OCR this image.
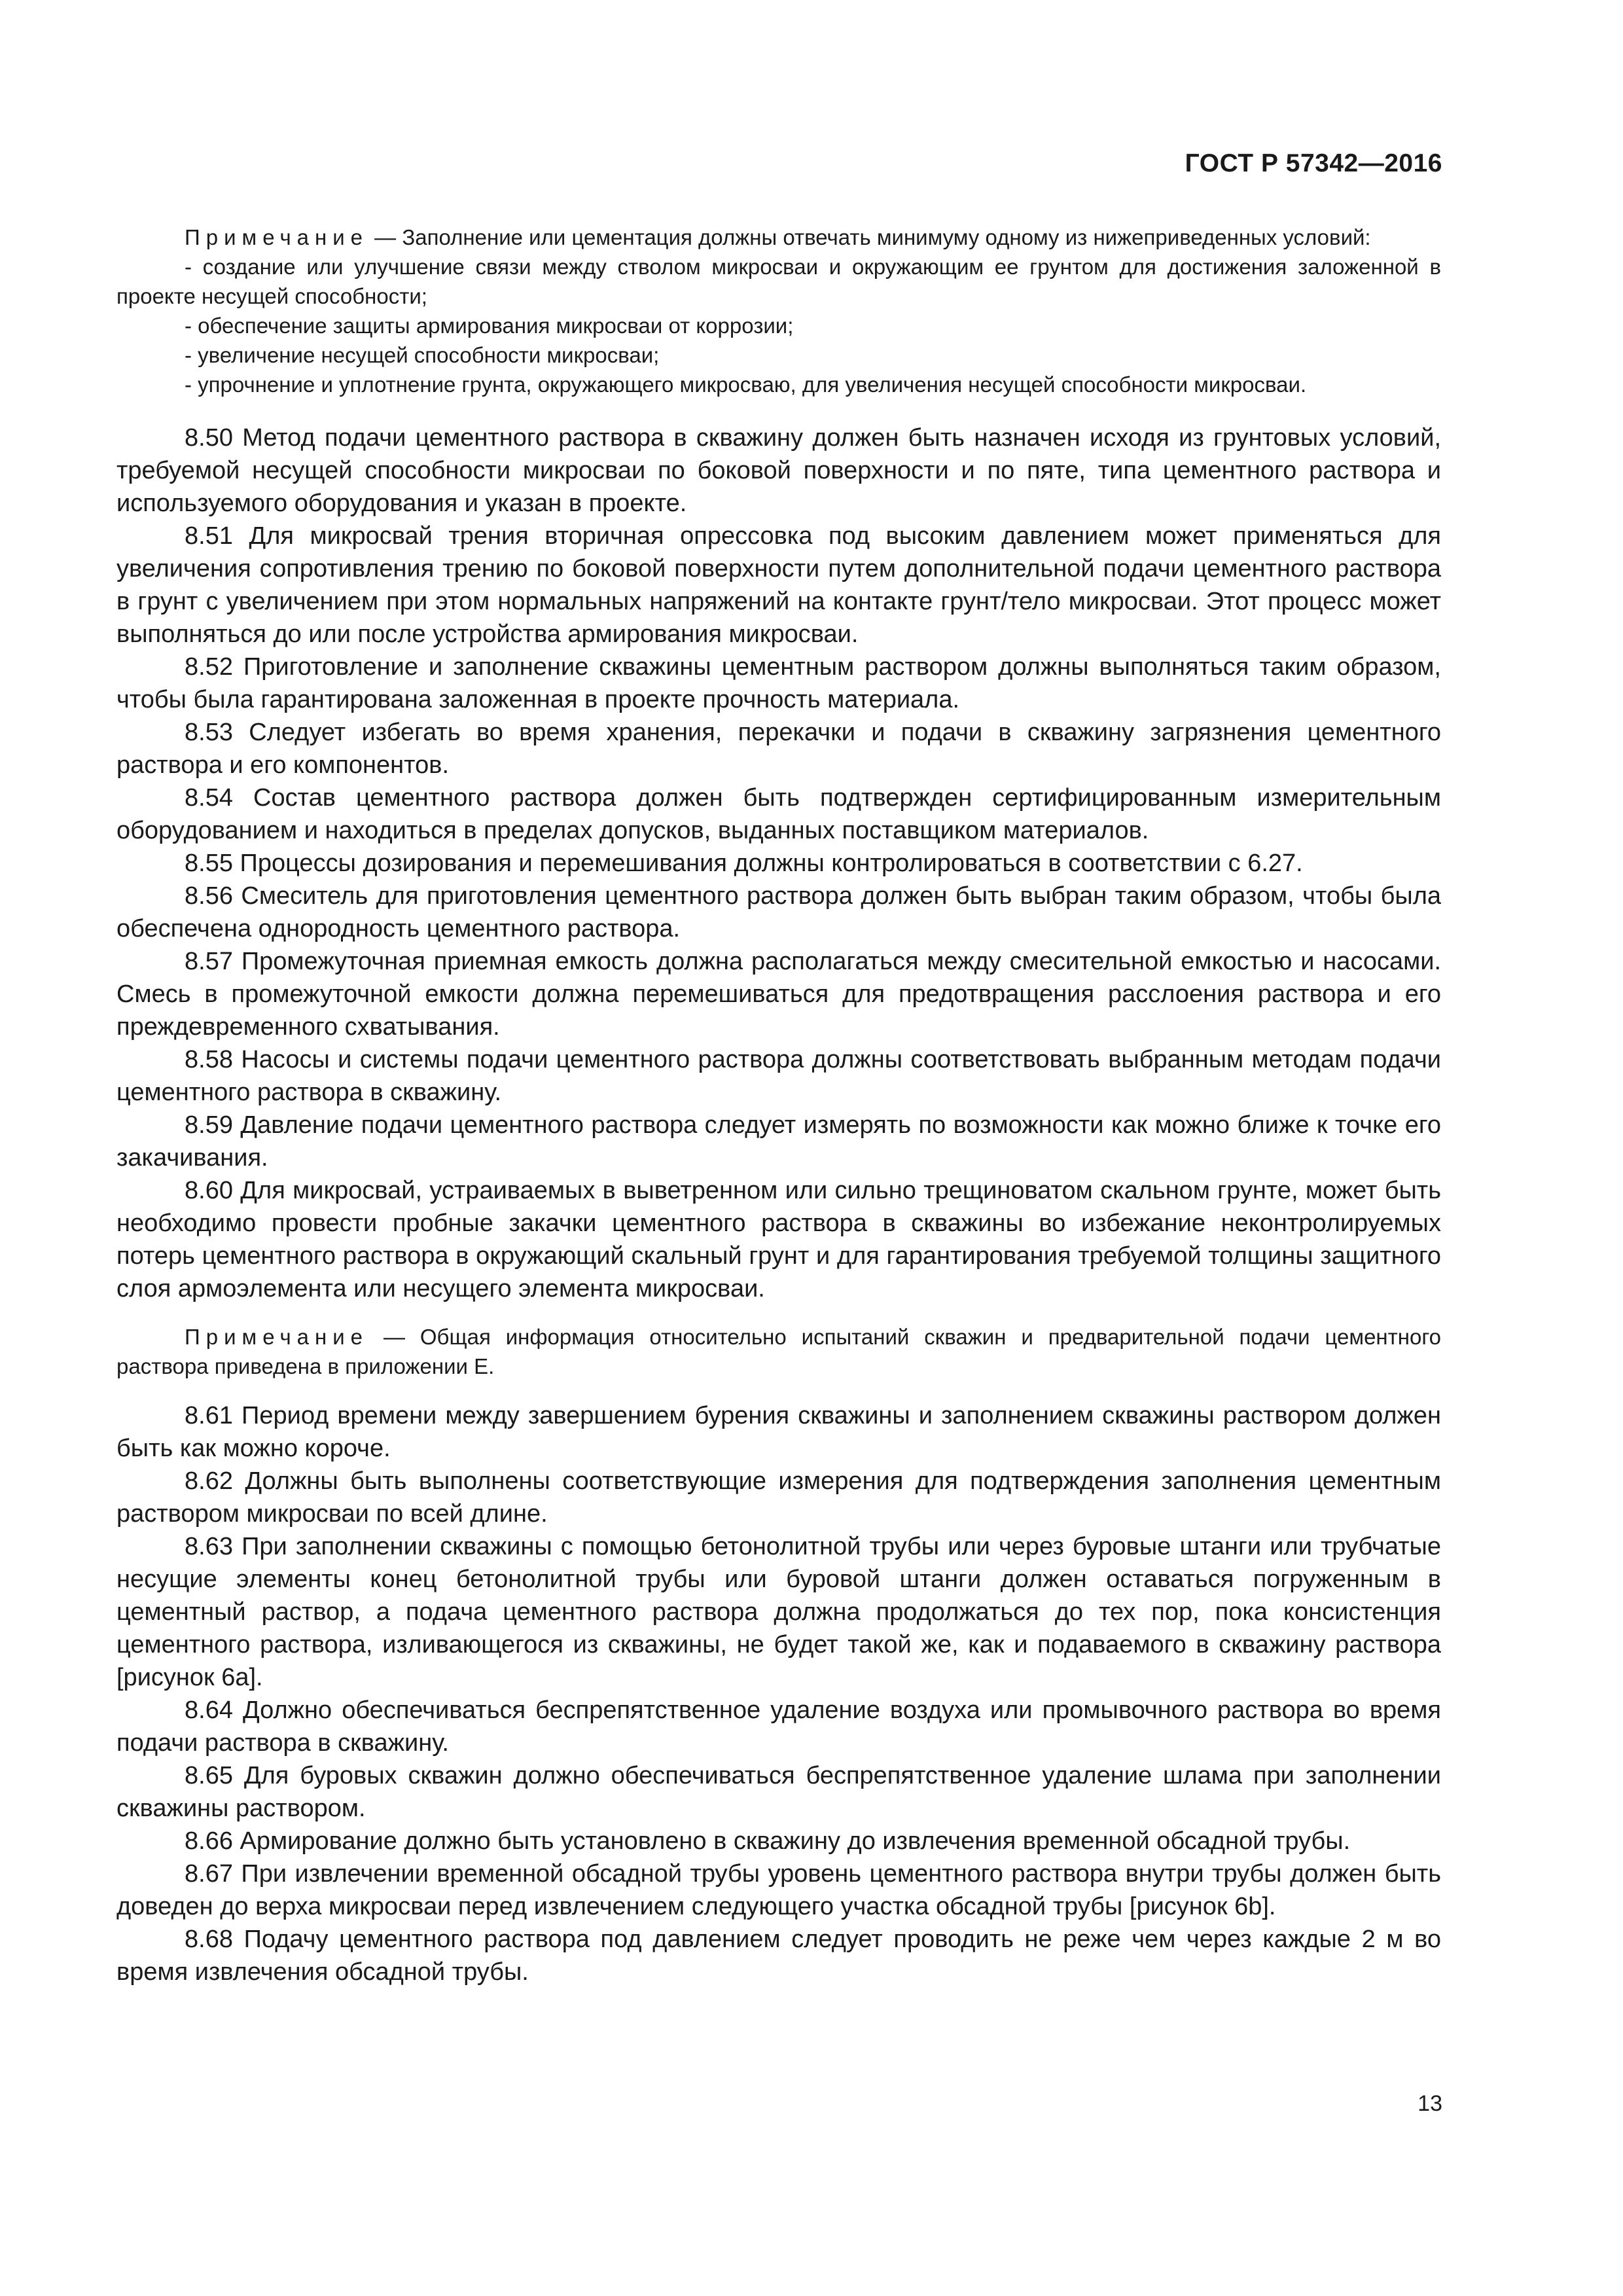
ГОСТ Р 57342—2016

Примечание — Заполнение или цементация должны отвечать минимуму одному из нижеприведенных условий:

- создание или улучшение связи между стволом микросваи и окружающим ее грунтом для достижения заложенной в проекте несущей способности;

- обеспечение защиты армирования микросваи от коррозии;

- увеличение несущей способности микросваи;

- упрочнение и уплотнение грунта, окружающего микросваю, для увеличения несущей способности микросваи.

8.50 Метод подачи цементного раствора в скважину должен быть назначен исходя из грунтовых условий, требуемой несущей способности микросваи по боковой поверхности и по пяте, типа цементного раствора и используемого оборудования и указан в проекте.

8.51 Для микросвай трения вторичная опрессовка под высоким давлением может применяться для увеличения сопротивления трению по боковой поверхности путем дополнительной подачи цементного раствора в грунт с увеличением при этом нормальных напряжений на контакте грунт/тело микросваи. Этот процесс может выполняться до или после устройства армирования микросваи.

8.52 Приготовление и заполнение скважины цементным раствором должны выполняться таким образом, чтобы была гарантирована заложенная в проекте прочность материала.

8.53 Следует избегать во время хранения, перекачки и подачи в скважину загрязнения цементного раствора и его компонентов.

8.54 Состав цементного раствора должен быть подтвержден сертифицированным измерительным оборудованием и находиться в пределах допусков, выданных поставщиком материалов.

8.55 Процессы дозирования и перемешивания должны контролироваться в соответствии с 6.27.

8.56 Смеситель для приготовления цементного раствора должен быть выбран таким образом, чтобы была обеспечена однородность цементного раствора.

8.57 Промежуточная приемная емкость должна располагаться между смесительной емкостью и насосами. Смесь в промежуточной емкости должна перемешиваться для предотвращения расслоения раствора и его преждевременного схватывания.

8.58 Насосы и системы подачи цементного раствора должны соответствовать выбранным методам подачи цементного раствора в скважину.

8.59 Давление подачи цементного раствора следует измерять по возможности как можно ближе к точке его закачивания.

8.60 Для микросвай, устраиваемых в выветренном или сильно трещиноватом скальном грунте, может быть необходимо провести пробные закачки цементного раствора в скважины во избежание неконтролируемых потерь цементного раствора в окружающий скальный грунт и для гарантирования требуемой толщины защитного слоя армоэлемента или несущего элемента микросваи.

Примечание — Общая информация относительно испытаний скважин и предварительной подачи цементного раствора приведена в приложении Е.

8.61 Период времени между завершением бурения скважины и заполнением скважины раствором должен быть как можно короче.

8.62 Должны быть выполнены соответствующие измерения для подтверждения заполнения цементным раствором микросваи по всей длине.

8.63 При заполнении скважины с помощью бетонолитной трубы или через буровые штанги или трубчатые несущие элементы конец бетонолитной трубы или буровой штанги должен оставаться погруженным в цементный раствор, а подача цементного раствора должна продолжаться до тех пор, пока консистенция цементного раствора, изливающегося из скважины, не будет такой же, как и подаваемого в скважину раствора [рисунок 6а].

8.64 Должно обеспечиваться беспрепятственное удаление воздуха или промывочного раствора во время подачи раствора в скважину.

8.65 Для буровых скважин должно обеспечиваться беспрепятственное удаление шлама при заполнении скважины раствором.

8.66 Армирование должно быть установлено в скважину до извлечения временной обсадной трубы.

8.67 При извлечении временной обсадной трубы уровень цементного раствора внутри трубы должен быть доведен до верха микросваи перед извлечением следующего участка обсадной трубы [рисунок 6b].

8.68 Подачу цементного раствора под давлением следует проводить не реже чем через каждые 2 м во время извлечения обсадной трубы.

13
